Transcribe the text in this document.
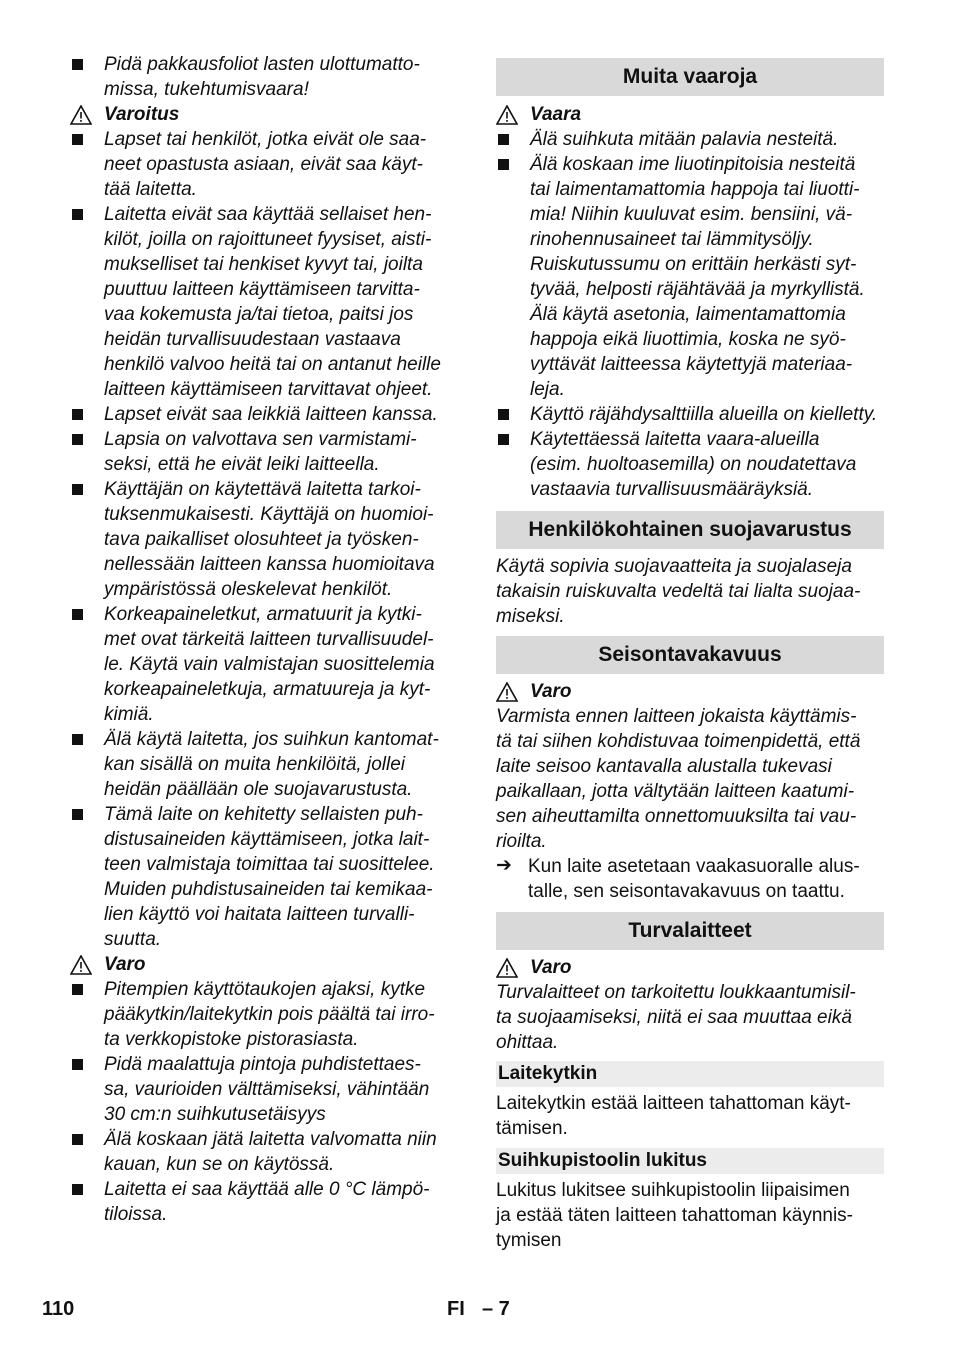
Pidä pakkausfoliot lasten ulottumatto-
missa, tukehtumisvaara!
Varoitus
Lapset tai henkilöt, jotka eivät ole saa-
neet opastusta asiaan, eivät saa käyt-
tää laitetta.
Laitetta eivät saa käyttää sellaiset hen-
kilöt, joilla on rajoittuneet fyysiset, aisti-
mukselliset tai henkiset kyvyt tai, joilta
puuttuu laitteen käyttämiseen tarvitta-
vaa kokemusta ja/tai tietoa, paitsi jos
heidän turvallisuudestaan vastaava
henkilö valvoo heitä tai on antanut heille
laitteen käyttämiseen tarvittavat ohjeet.
Lapset eivät saa leikkiä laitteen kanssa.
Lapsia on valvottava sen varmistami-
seksi, että he eivät leiki laitteella.
Käyttäjän on käytettävä laitetta tarkoi-
tuksenmukaisesti. Käyttäjä on huomioi-
tava paikalliset olosuhteet ja työsken-
nellessään laitteen kanssa huomioitava
ympäristössä oleskelevat henkilöt.
Korkeapaineletkut, armatuurit ja kytki-
met ovat tärkeitä laitteen turvallisuudel-
le. Käytä vain valmistajan suosittelemia
korkeapaineletkuja, armatuureja ja kyt-
kimiä.
Älä käytä laitetta, jos suihkun kantomat-
kan sisällä on muita henkilöitä, jollei
heidän päällään ole suojavarustusta.
Tämä laite on kehitetty sellaisten puh-
distusaineiden käyttämiseen, jotka lait-
teen valmistaja toimittaa tai suosittelee.
Muiden puhdistusaineiden tai kemikaa-
lien käyttö voi haitata laitteen turvalli-
suutta.
Varo
Pitempien käyttötaukojen ajaksi, kytke
pääkytkin/laitekytkin pois päältä tai irro-
ta verkkopistoke pistorasiasta.
Pidä maalattuja pintoja puhdistettaes-
sa, vaurioiden välttämiseksi, vähintään
30 cm:n suihkutusetäisyys
Älä koskaan jätä laitetta valvomatta niin
kauan, kun se on käytössä.
Laitetta ei saa käyttää alle 0 °C lämpö-
tiloissa.
Muita vaaroja
Vaara
Älä suihkuta mitään palavia nesteitä.
Älä koskaan ime liuotinpitoisia nesteitä
tai laimentamattomia happoja tai liuotti-
mia! Niihin kuuluvat esim. bensiini, vä-
rinohennusaineet tai lämmitysöljy.
Ruiskutussumu on erittäin herkästi syt-
tyvää, helposti räjähtävää ja myrkyllistä.
Älä käytä asetonia, laimentamattomia
happoja eikä liuottimia, koska ne syö-
vyttävät laitteessa käytettyjä materiaa-
leja.
Käyttö räjähdysalttiilla alueilla on kielletty.
Käytettäessä laitetta vaara-alueilla
(esim. huoltoasemilla) on noudatettava
vastaavia turvallisuusmääräyksiä.
Henkilökohtainen suojavarustus
Käytä sopivia suojavaatteita ja suojalaseja
takaisin ruiskuvalta vedeltä tai lialta suojaa-
miseksi.
Seisontavakavuus
Varo
Varmista ennen laitteen jokaista käyttämis-
tä tai siihen kohdistuvaa toimenpidettä, että
laite seisoo kantavalla alustalla tukevasi
paikallaan, jotta vältytään laitteen kaatumi-
sen aiheuttamilta onnettomuuksilta tai vau-
rioilta.
➔ Kun laite asetetaan vaakasuoralle alus-
talle, sen seisontavakavuus on taattu.
Turvalaitteet
Varo
Turvalaitteet on tarkoitettu loukkaantumisil-
ta suojaamiseksi, niitä ei saa muuttaa eikä
ohittaa.
Laitekytkin
Laitekytkin estää laitteen tahattoman käyt-
tämisen.
Suihkupistoolin lukitus
Lukitus lukitsee suihkupistoolin liipaisimen
ja estää täten laitteen tahattoman käynnis-
tymisen
110	FI – 7
